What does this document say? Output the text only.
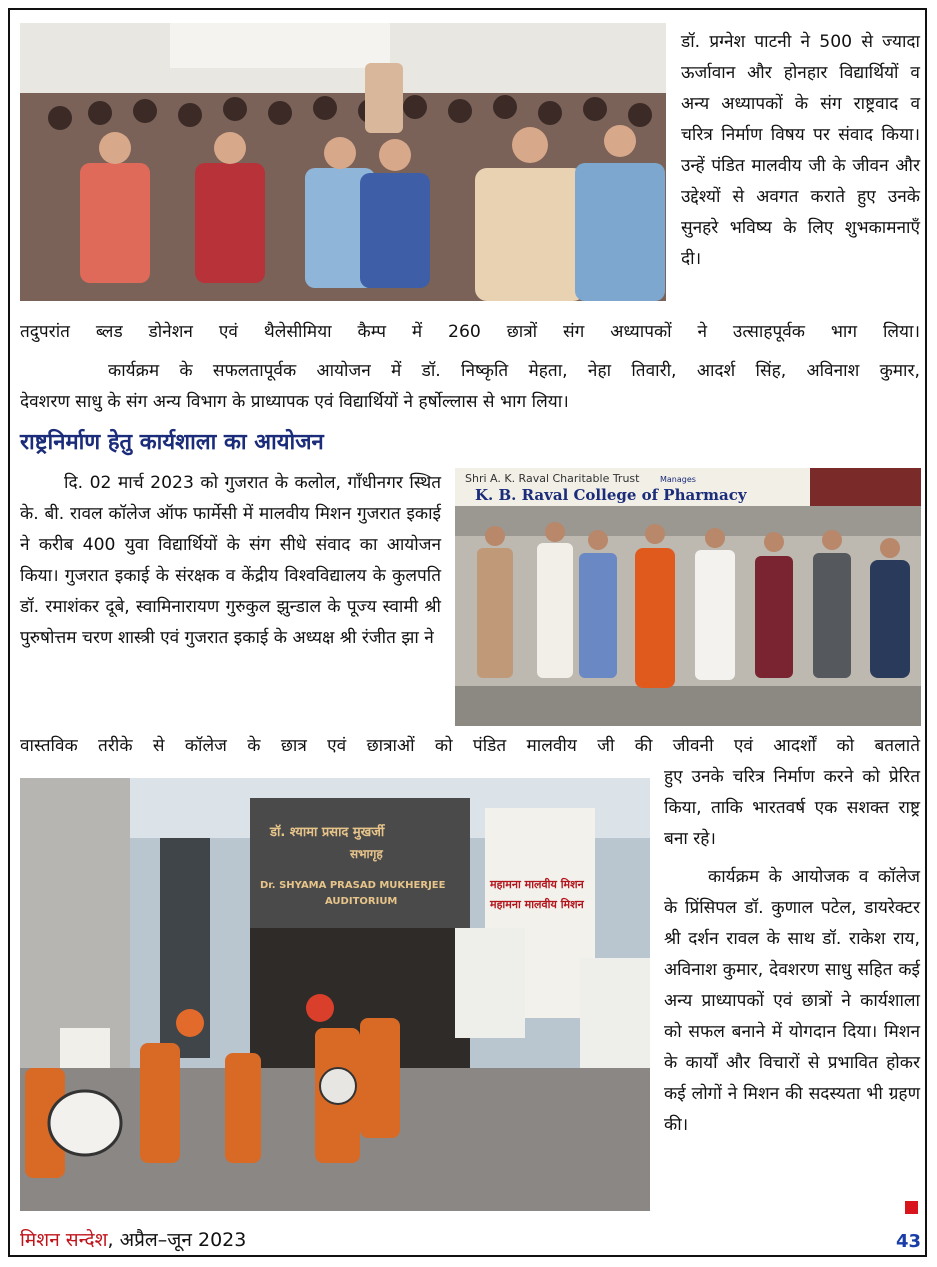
डॉ. प्रग्नेश पाटनी ने 500 से ज्यादा ऊर्जावान और होनहार विद्यार्थियों व अन्य अध्यापकों के संग राष्ट्रवाद व चरित्र निर्माण विषय पर संवाद किया। उन्हें पंडित मालवीय जी के जीवन और उद्देश्यों से अवगत कराते हुए उनके सुनहरे भविष्य के लिए शुभकामनाएँ दी।

तदुपरांत ब्लड डोनेशन एवं थैलेसीमिया कैम्प में 260 छात्रों संग अध्यापकों ने उत्साहपूर्वक भाग लिया।
कार्यक्रम के सफलतापूर्वक आयोजन में डॉ. निष्कृति मेहता, नेहा तिवारी, आदर्श सिंह, अविनाश कुमार,
देवशरण साधु के संग अन्य विभाग के प्राध्यापक एवं विद्यार्थियों ने हर्षोल्लास से भाग लिया।
राष्ट्रनिर्माण हेतु कार्यशाला का आयोजन

दि. 02 मार्च 2023 को गुजरात के कलोल, गाँधीनगर स्थित के. बी. रावल कॉलेज ऑफ फार्मेसी में मालवीय मिशन गुजरात इकाई ने करीब 400 युवा विद्यार्थियों के संग सीधे संवाद का आयोजन किया। गुजरात इकाई के संरक्षक व केंद्रीय विश्वविद्यालय के कुलपति डॉ. रमाशंकर दूबे, स्वामिनारायण गुरुकुल झुन्डाल के पूज्य स्वामी श्री पुरुषोत्तम चरण शास्त्री एवं गुजरात इकाई के अध्यक्ष श्री रंजीत झा ने

Shri A. K. Raval Charitable Trust	Manages
K. B. Raval College of Pharmacy
वास्तविक तरीके से कॉलेज के छात्र एवं छात्राओं को पंडित मालवीय जी की जीवनी एवं आदर्शों को बतलाते
डॉ. श्यामा प्रसाद मुखर्जी
सभागृह
Dr. SHYAMA PRASAD MUKHERJEE
AUDITORIUM
महामना मालवीय मिशन
महामना मालवीय मिशन

हुए उनके चरित्र निर्माण करने को प्रेरित किया, ताकि भारतवर्ष एक सशक्त राष्ट्र बना रहे।

कार्यक्रम के आयोजक व कॉलेज के प्रिंसिपल डॉ. कुणाल पटेल, डायरेक्टर श्री दर्शन रावल के साथ डॉ. राकेश राय, अविनाश कुमार, देवशरण साधु सहित कई अन्य प्राध्यापकों एवं छात्रों ने कार्यशाला को सफल बनाने में योगदान दिया। मिशन के कार्यों और विचारों से प्रभावित होकर कई लोगों ने मिशन की सदस्यता भी ग्रहण की।

मिशन सन्देश, अप्रैल–जून 2023	43
